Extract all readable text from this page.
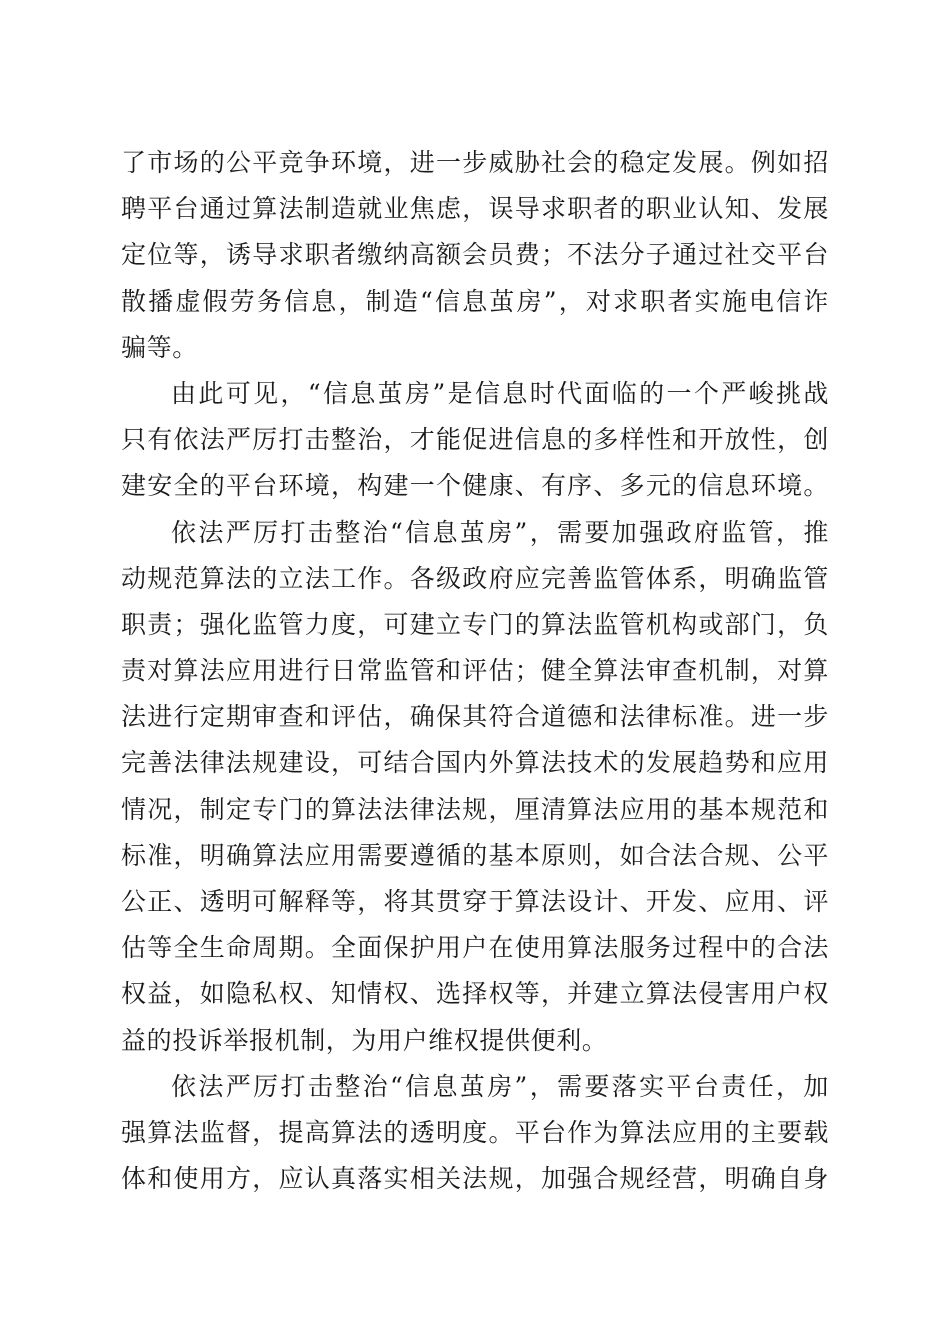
了市场的公平竞争环境，进一步威胁社会的稳定发展。例如招
聘平台通过算法制造就业焦虑，误导求职者的职业认知、发展
定位等，诱导求职者缴纳高额会员费；不法分子通过社交平台
散播虚假劳务信息，制造“信息茧房”，对求职者实施电信诈
骗等。
由此可见，“信息茧房”是信息时代面临的一个严峻挑战
只有依法严厉打击整治，才能促进信息的多样性和开放性，创
建安全的平台环境，构建一个健康、有序、多元的信息环境。
依法严厉打击整治“信息茧房”，需要加强政府监管，推
动规范算法的立法工作。各级政府应完善监管体系，明确监管
职责；强化监管力度，可建立专门的算法监管机构或部门，负
责对算法应用进行日常监管和评估；健全算法审查机制，对算
法进行定期审查和评估，确保其符合道德和法律标准。进一步
完善法律法规建设，可结合国内外算法技术的发展趋势和应用
情况，制定专门的算法法律法规，厘清算法应用的基本规范和
标准，明确算法应用需要遵循的基本原则，如合法合规、公平
公正、透明可解释等，将其贯穿于算法设计、开发、应用、评
估等全生命周期。全面保护用户在使用算法服务过程中的合法
权益，如隐私权、知情权、选择权等，并建立算法侵害用户权
益的投诉举报机制，为用户维权提供便利。
依法严厉打击整治“信息茧房”，需要落实平台责任，加
强算法监督，提高算法的透明度。平台作为算法应用的主要载
体和使用方，应认真落实相关法规，加强合规经营，明确自身
